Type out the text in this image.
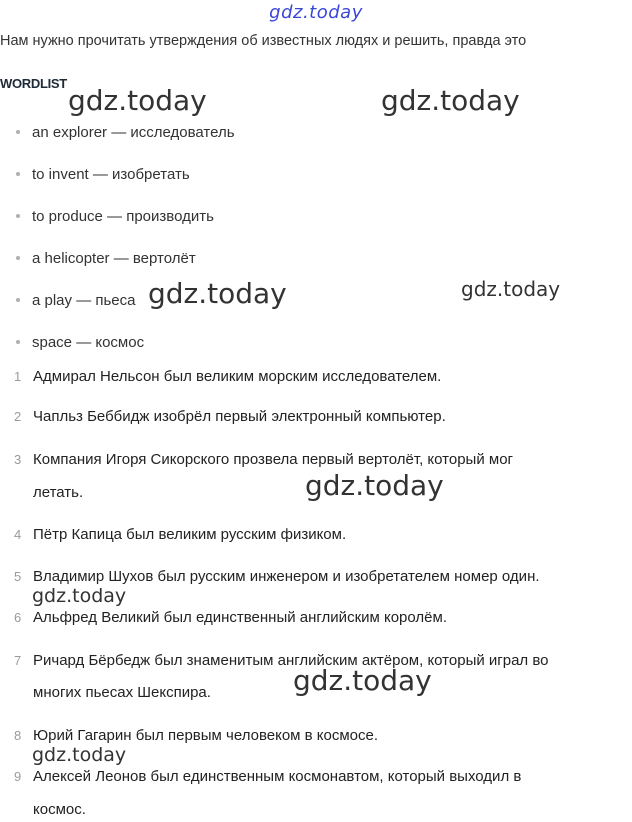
gdz.today
Нам нужно прочитать утверждения об известных людях и решить, правда это
WORDLIST
an explorer — исследователь
to invent — изобретать
to produce — производить
a helicopter — вертолёт
a play — пьеса
space — космос
1 Адмирал Нельсон был великим морским исследователем.
2 Чапльз Беббидж изобрёл первый электронный компьютер.
3 Компания Игоря Сикорского прозвела первый вертолёт, который мог
летать.
4 Пётр Капица был великим русским физиком.
5 Владимир Шухов был русским инженером и изобретателем номер один.
6 Альфред Великий был единственный английским королём.
7 Ричард Бёрбедж был знаменитым английским актёром, который играл во
многих пьесах Шекспира.
8 Юрий Гагарин был первым человеком в космосе.
9 Алексей Леонов был единственным космонавтом, который выходил в
космос.
gdz.today	gdz.today
gdz.today	gdz.today
gdz.today
gdz.today
gdz.today
gdz.today
